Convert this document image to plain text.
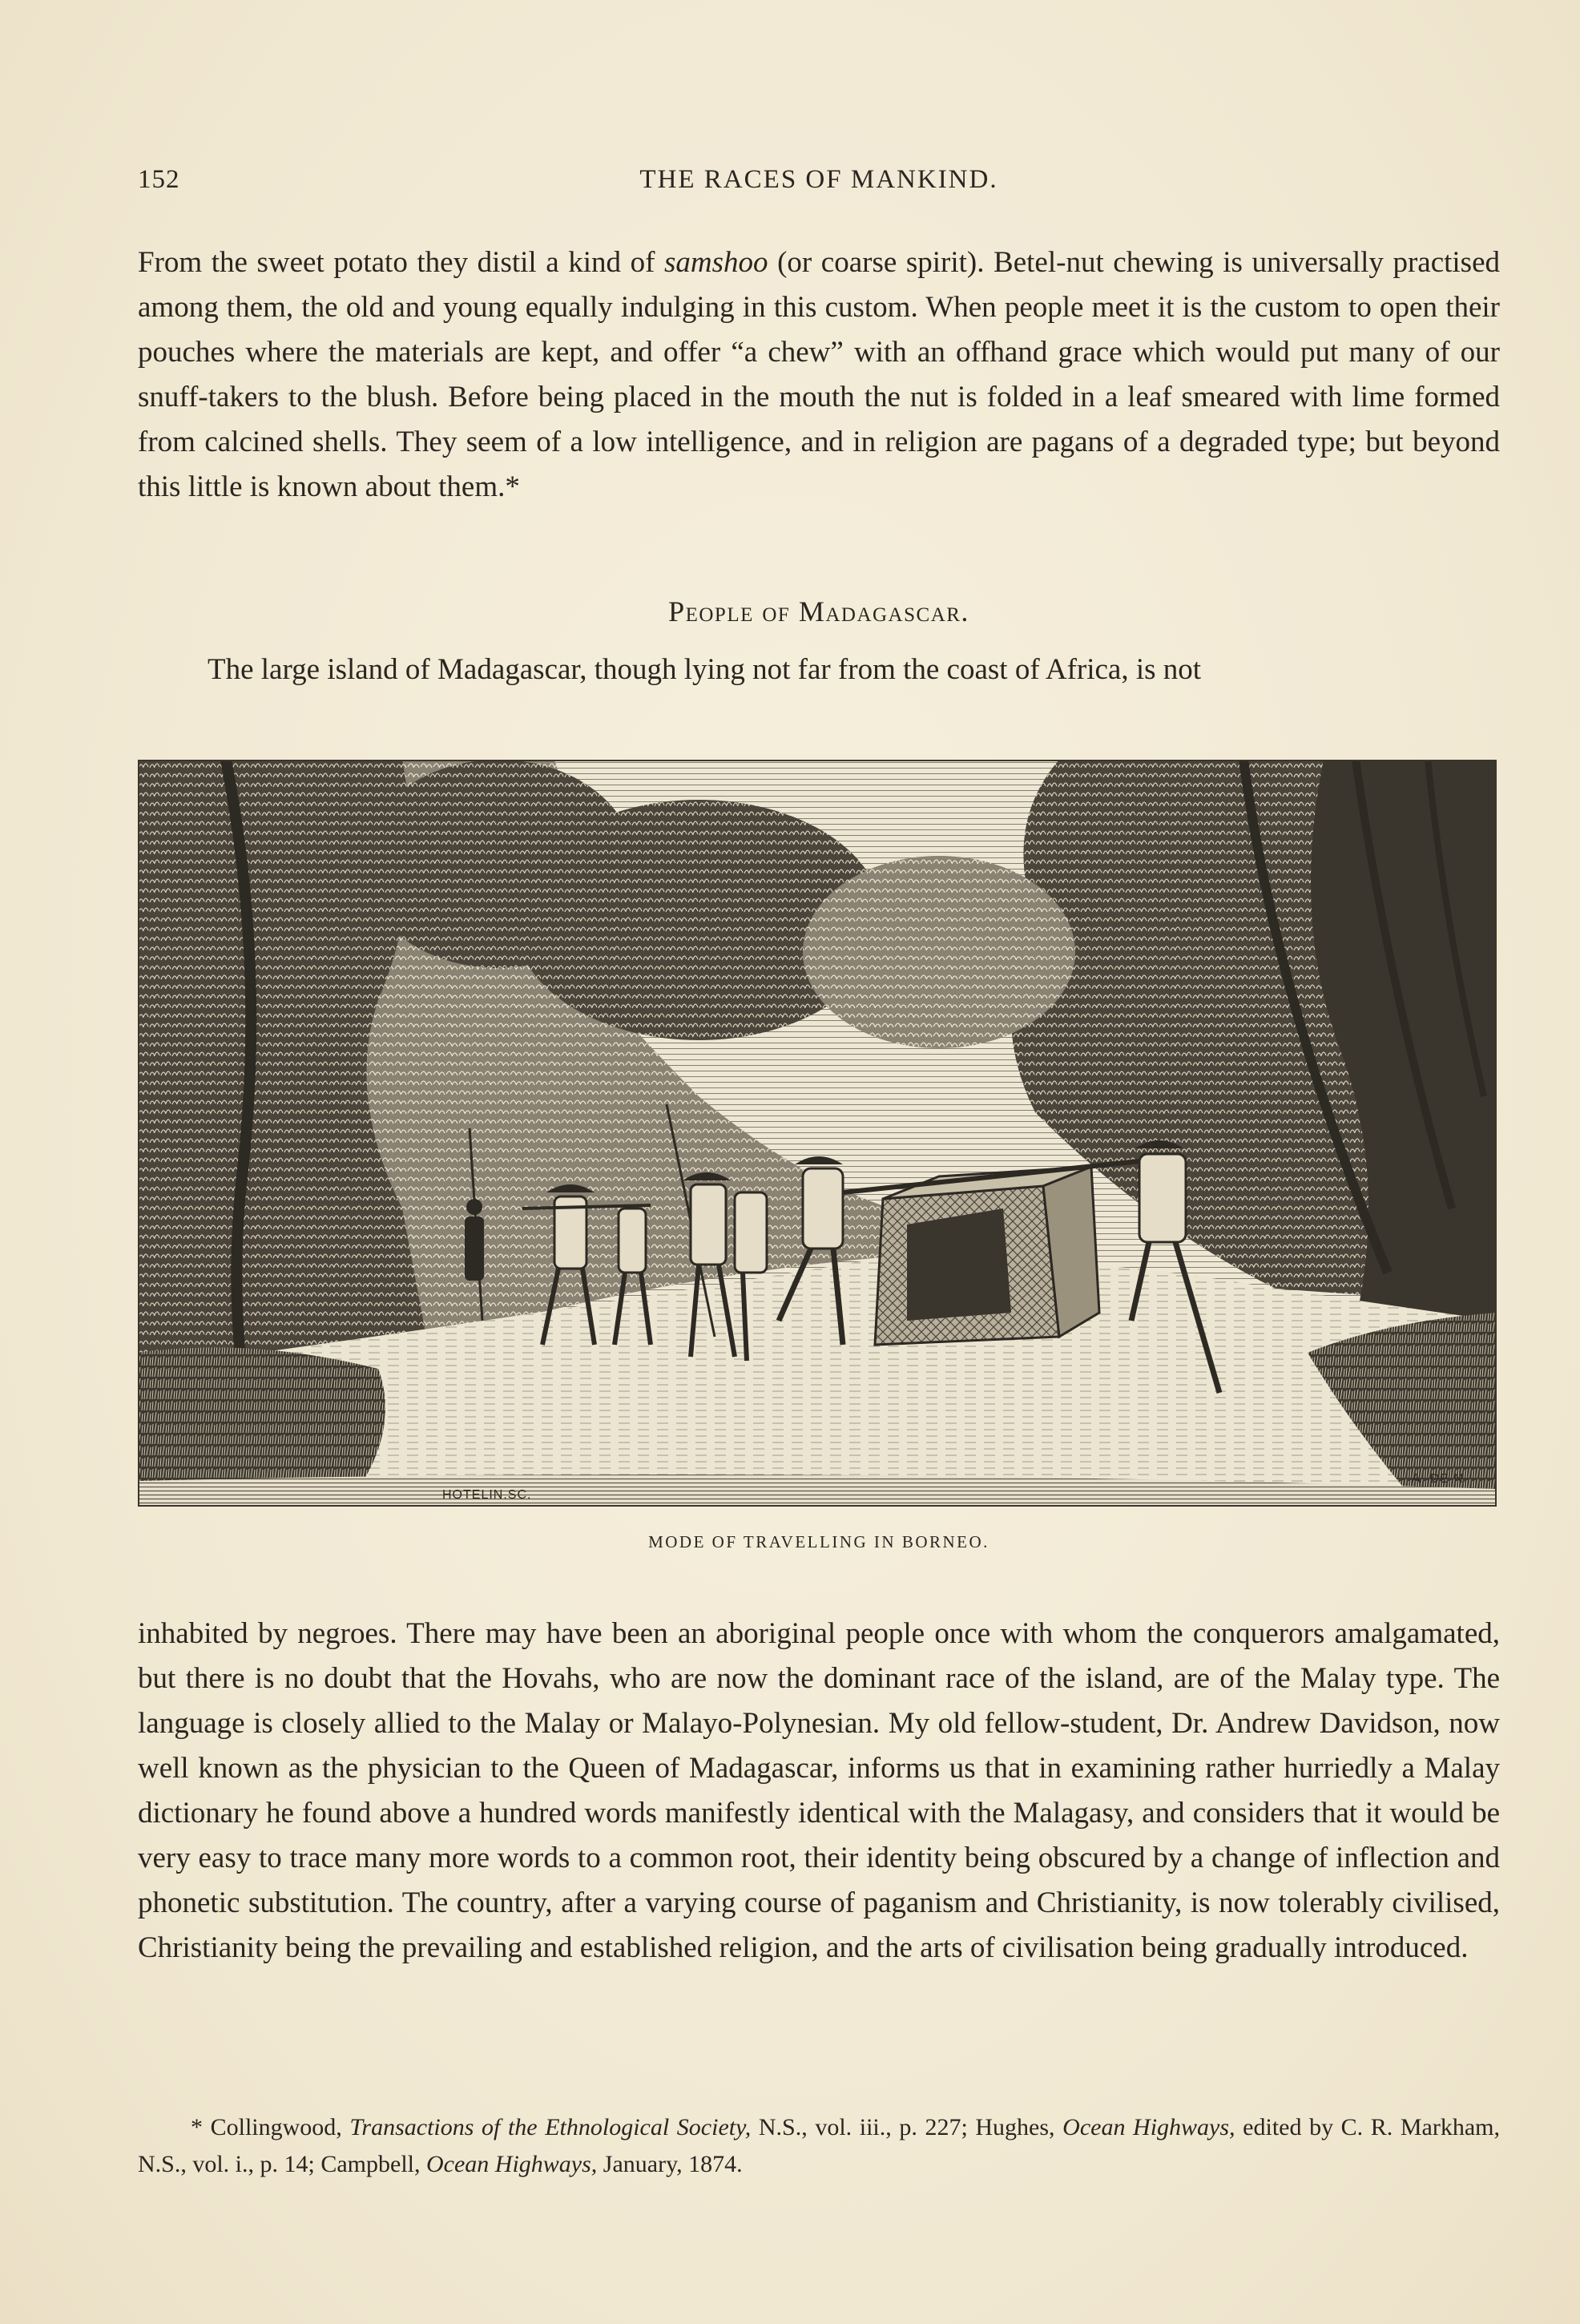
152	THE RACES OF MANKIND.
From the sweet potato they distil a kind of samshoo (or coarse spirit). Betel-nut chewing is universally practised among them, the old and young equally indulging in this custom. When people meet it is the custom to open their pouches where the materials are kept, and offer “a chew” with an offhand grace which would put many of our snuff-takers to the blush. Before being placed in the mouth the nut is folded in a leaf smeared with lime formed from calcined shells. They seem of a low intelligence, and in religion are pagans of a degraded type; but beyond this little is known about them.*
People of Madagascar.
The large island of Madagascar, though lying not far from the coast of Africa, is not
HOTELIN.SC.
A. DE N.
MODE OF TRAVELLING IN BORNEO.
inhabited by negroes. There may have been an aboriginal people once with whom the conquerors amalgamated, but there is no doubt that the Hovahs, who are now the dominant race of the island, are of the Malay type. The language is closely allied to the Malay or Malayo-Polynesian. My old fellow-student, Dr. Andrew Davidson, now well known as the physician to the Queen of Madagascar, informs us that in examining rather hurriedly a Malay dictionary he found above a hundred words manifestly identical with the Malagasy, and considers that it would be very easy to trace many more words to a common root, their identity being obscured by a change of inflection and phonetic substitution. The country, after a varying course of paganism and Christianity, is now tolerably civilised, Christianity being the prevailing and established religion, and the arts of civilisation being gradually introduced.
* Collingwood, Transactions of the Ethnological Society, N.S., vol. iii., p. 227; Hughes, Ocean Highways, edited by C. R. Markham, N.S., vol. i., p. 14; Campbell, Ocean Highways, January, 1874.
